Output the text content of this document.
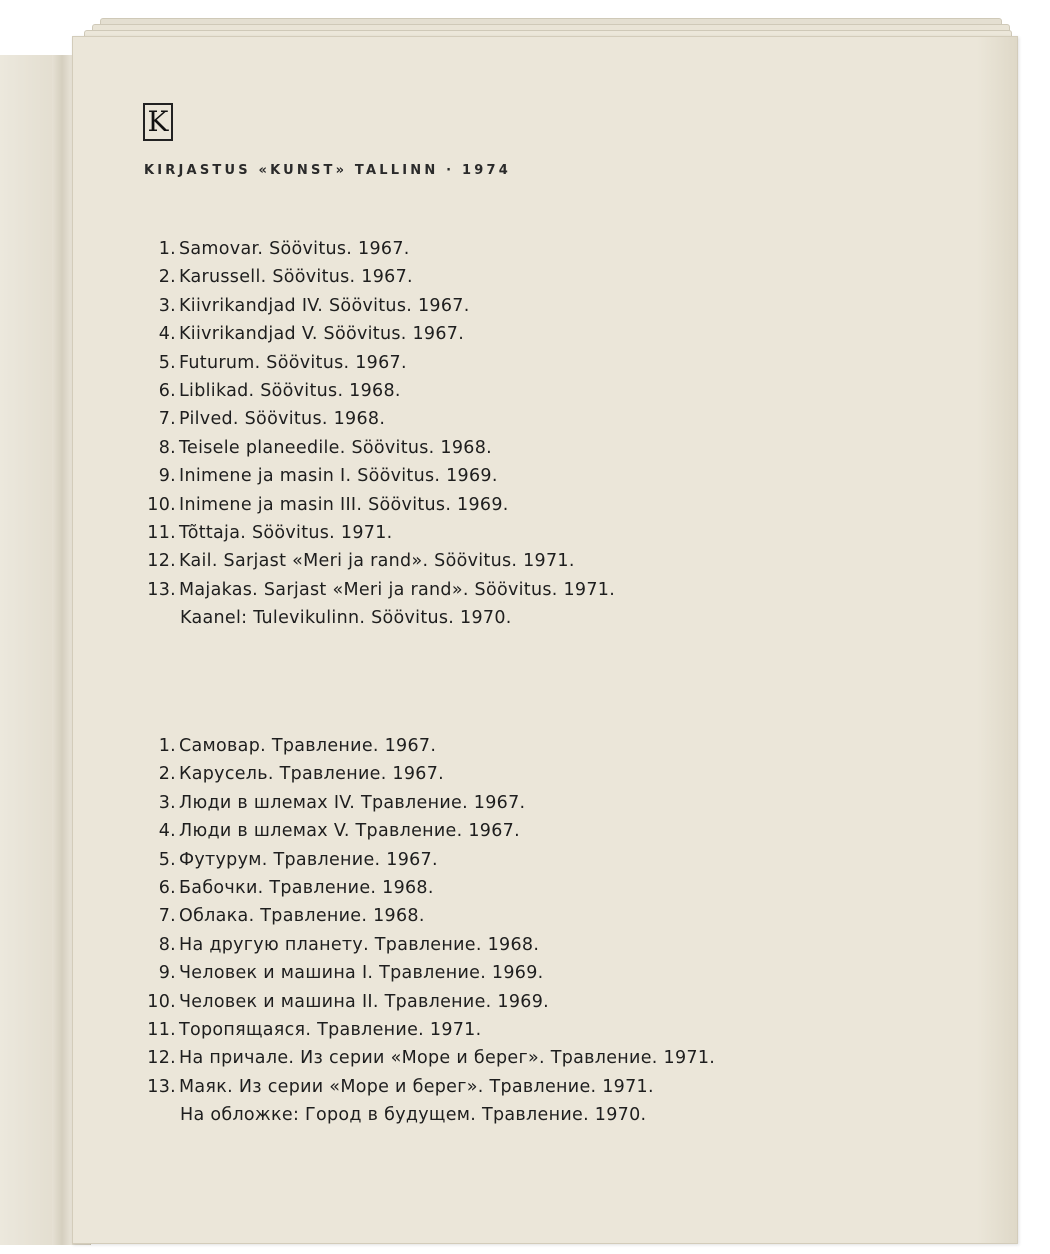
K
KIRJASTUS «KUNST» TALLINN · 1974
1. Samovar. Söövitus. 1967.
2. Karussell. Söövitus. 1967.
3. Kiivrikandjad IV. Söövitus. 1967.
4. Kiivrikandjad V. Söövitus. 1967.
5. Futurum. Söövitus. 1967.
6. Liblikad. Söövitus. 1968.
7. Pilved. Söövitus. 1968.
8. Teisele planeedile. Söövitus. 1968.
9. Inimene ja masin I. Söövitus. 1969.
10. Inimene ja masin III. Söövitus. 1969.
11. Tõttaja. Söövitus. 1971.
12. Kail. Sarjast «Meri ja rand». Söövitus. 1971.
13. Majakas. Sarjast «Meri ja rand». Söövitus. 1971.
Kaanel: Tulevikulinn. Söövitus. 1970.
1. Самовар. Травление. 1967.
2. Карусель. Травление. 1967.
3. Люди в шлемах IV. Травление. 1967.
4. Люди в шлемах V. Травление. 1967.
5. Футурум. Травление. 1967.
6. Бабочки. Травление. 1968.
7. Облака. Травление. 1968.
8. На другую планету. Травление. 1968.
9. Человек и машина I. Травление. 1969.
10. Человек и машина II. Травление. 1969.
11. Торопящаяся. Травление. 1971.
12. На причале. Из серии «Море и берег». Травление. 1971.
13. Маяк. Из серии «Море и берег». Травление. 1971.
На обложке: Город в будущем. Травление. 1970.
